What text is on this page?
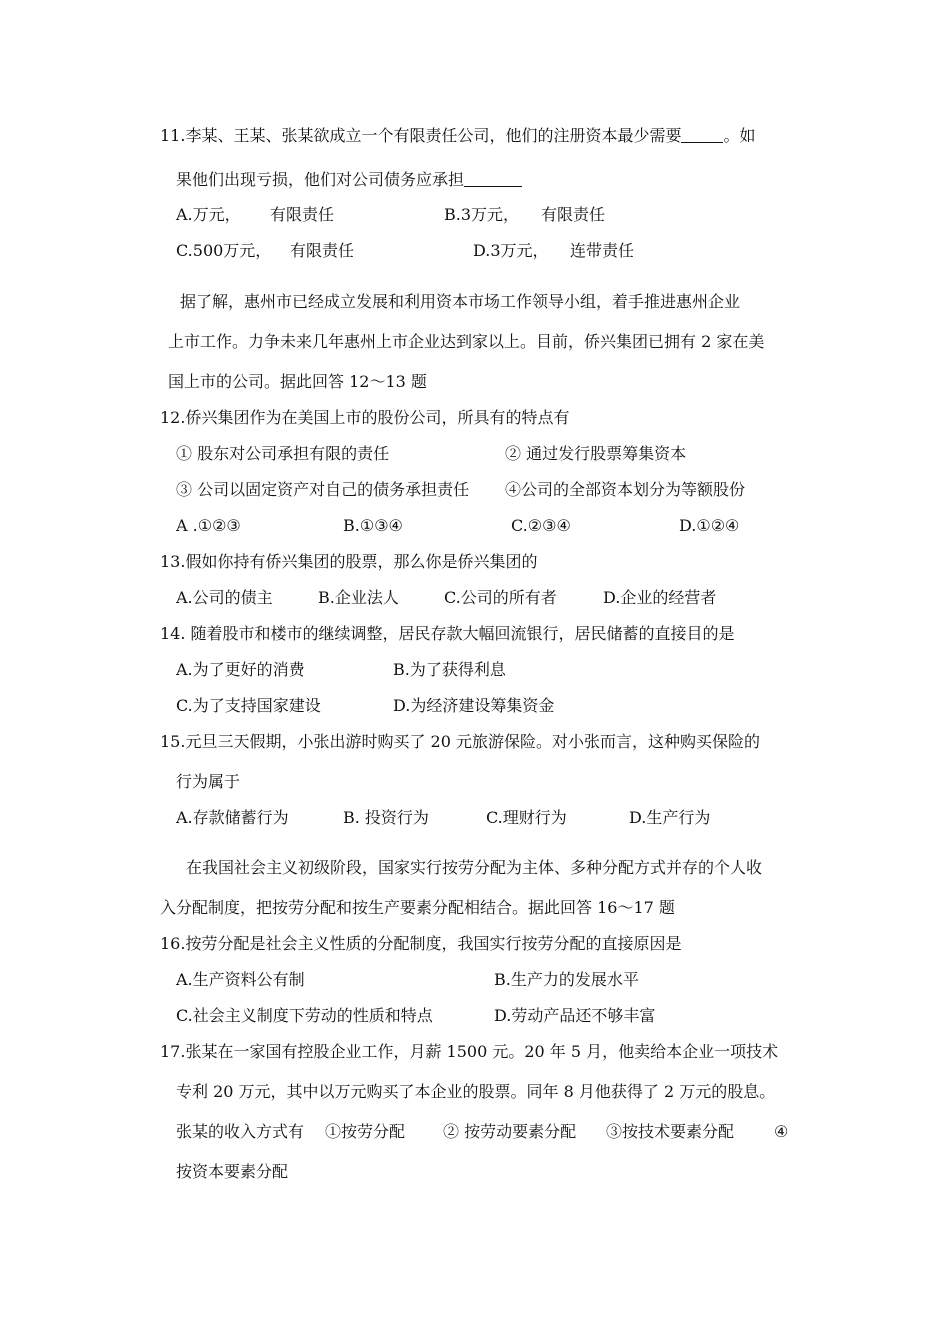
11.李某、王某、张某欲成立一个有限责任公司，他们的注册资本最少需要	。如
果他们出现亏损，他们对公司债务应承担
A.万元， 有限责任	B.3万元， 有限责任
C.500万元， 有限责任	D.3万元， 连带责任
据了解，惠州市已经成立发展和利用资本市场工作领导小组，着手推进惠州企业
上市工作。力争未来几年惠州上市企业达到家以上。目前，侨兴集团已拥有 2 家在美
国上市的公司。据此回答 12～13 题
12.侨兴集团作为在美国上市的股份公司，所具有的特点有
① 股东对公司承担有限的责任	② 通过发行股票筹集资本
③ 公司以固定资产对自己的债务承担责任 ④公司的全部资本划分为等额股份
A .①②③	B.①③④	C.②③④	D.①②④
13.假如你持有侨兴集团的股票，那么你是侨兴集团的
A.公司的债主	B.企业法人	C.公司的所有者	D.企业的经营者
14. 随着股市和楼市的继续调整，居民存款大幅回流银行，居民储蓄的直接目的是
A.为了更好的消费	B.为了获得利息
C.为了支持国家建设	D.为经济建设筹集资金
15.元旦三天假期，小张出游时购买了 20 元旅游保险。对小张而言，这种购买保险的
行为属于
A.存款储蓄行为	B. 投资行为	C.理财行为	D.生产行为
在我国社会主义初级阶段，国家实行按劳分配为主体、多种分配方式并存的个人收
入分配制度，把按劳分配和按生产要素分配相结合。据此回答 16～17 题
16.按劳分配是社会主义性质的分配制度，我国实行按劳分配的直接原因是
A.生产资料公有制	B.生产力的发展水平
C.社会主义制度下劳动的性质和特点	D.劳动产品还不够丰富
17.张某在一家国有控股企业工作，月薪 1500 元。20 年 5 月，他卖给本企业一项技术
专利 20 万元，其中以万元购买了本企业的股票。同年 8 月他获得了 2 万元的股息。
张某的收入方式有 ①按劳分配 ② 按劳动要素分配 ③按技术要素分配 ④
按资本要素分配
